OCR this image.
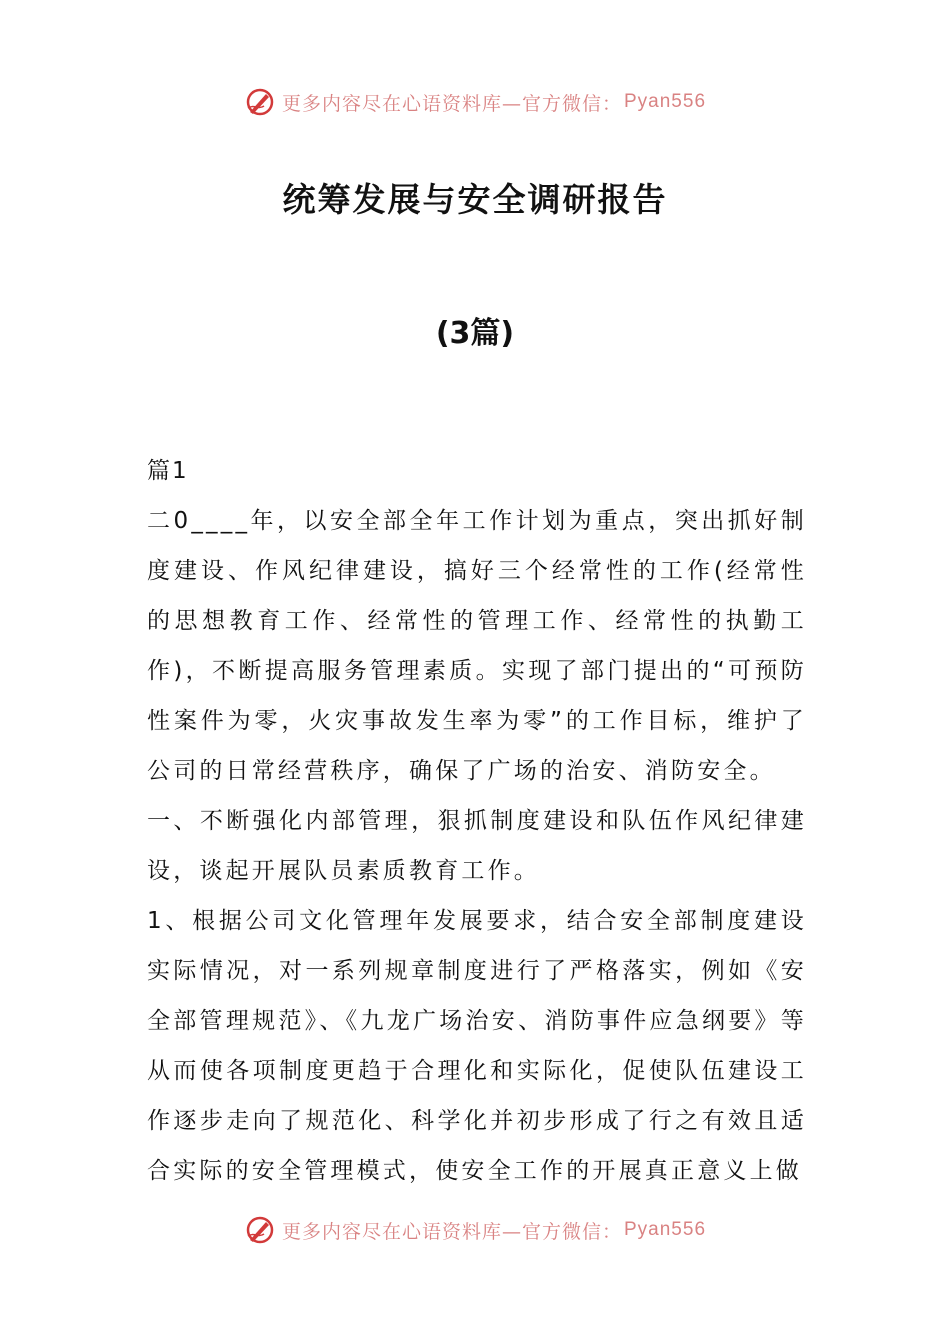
更多内容尽在心语资料库—官方微信： Pyan556
统筹发展与安全调研报告
(3篇)

篇1

二0____年，以安全部全年工作计划为重点，突出抓好制度建设、作风纪律建设，搞好三个经常性的工作(经常性的思想教育工作、经常性的管理工作、经常性的执勤工作)，不断提高服务管理素质。实现了部门提出的“可预防性案件为零，火灾事故发生率为零”的工作目标，维护了公司的日常经营秩序，确保了广场的治安、消防安全。

一、不断强化内部管理，狠抓制度建设和队伍作风纪律建设，谈起开展队员素质教育工作。

1、根据公司文化管理年发展要求，结合安全部制度建设实际情况，对一系列规章制度进行了严格落实，例如《安全部管理规范》、《九龙广场治安、消防事件应急纲要》等从而使各项制度更趋于合理化和实际化，促使队伍建设工作逐步走向了规范化、科学化并初步形成了行之有效且适合实际的安全管理模式，使安全工作的开展真正意义上做

更多内容尽在心语资料库—官方微信： Pyan556
